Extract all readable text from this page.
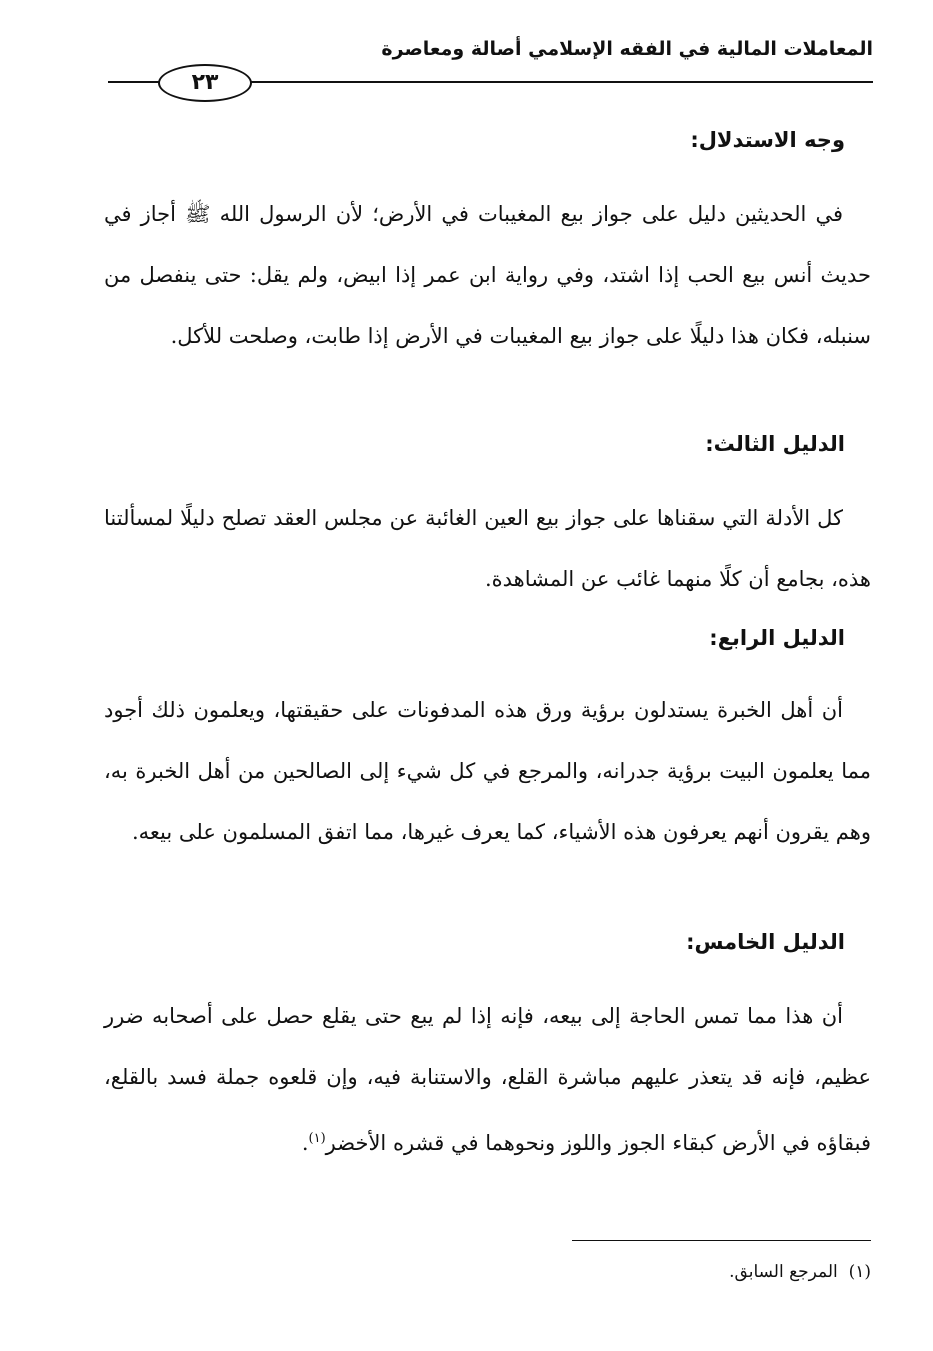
المعاملات المالية في الفقه الإسلامي أصالة ومعاصرة
٢٣
وجه الاستدلال:
في الحديثين دليل على جواز بيع المغيبات في الأرض؛ لأن الرسول الله ﷺ أجاز في حديث أنس بيع الحب إذا اشتد، وفي رواية ابن عمر إذا ابيض، ولم يقل: حتى ينفصل من سنبله، فكان هذا دليلًا على جواز بيع المغيبات في الأرض إذا طابت، وصلحت للأكل.
الدليل الثالث:
كل الأدلة التي سقناها على جواز بيع العين الغائبة عن مجلس العقد تصلح دليلًا لمسألتنا هذه، بجامع أن كلًا منهما غائب عن المشاهدة.
الدليل الرابع:
أن أهل الخبرة يستدلون برؤية ورق هذه المدفونات على حقيقتها، ويعلمون ذلك أجود مما يعلمون البيت برؤية جدرانه، والمرجع في كل شيء إلى الصالحين من أهل الخبرة به، وهم يقرون أنهم يعرفون هذه الأشياء، كما يعرف غيرها، مما اتفق المسلمون على بيعه.
الدليل الخامس:
أن هذا مما تمس الحاجة إلى بيعه، فإنه إذا لم يبع حتى يقلع حصل على أصحابه ضرر عظيم، فإنه قد يتعذر عليهم مباشرة القلع، والاستنابة فيه، وإن قلعوه جملة فسد بالقلع، فبقاؤه في الأرض كبقاء الجوز واللوز ونحوهما في قشره الأخضر$^{(١)}$.
(١)  المرجع السابق.
